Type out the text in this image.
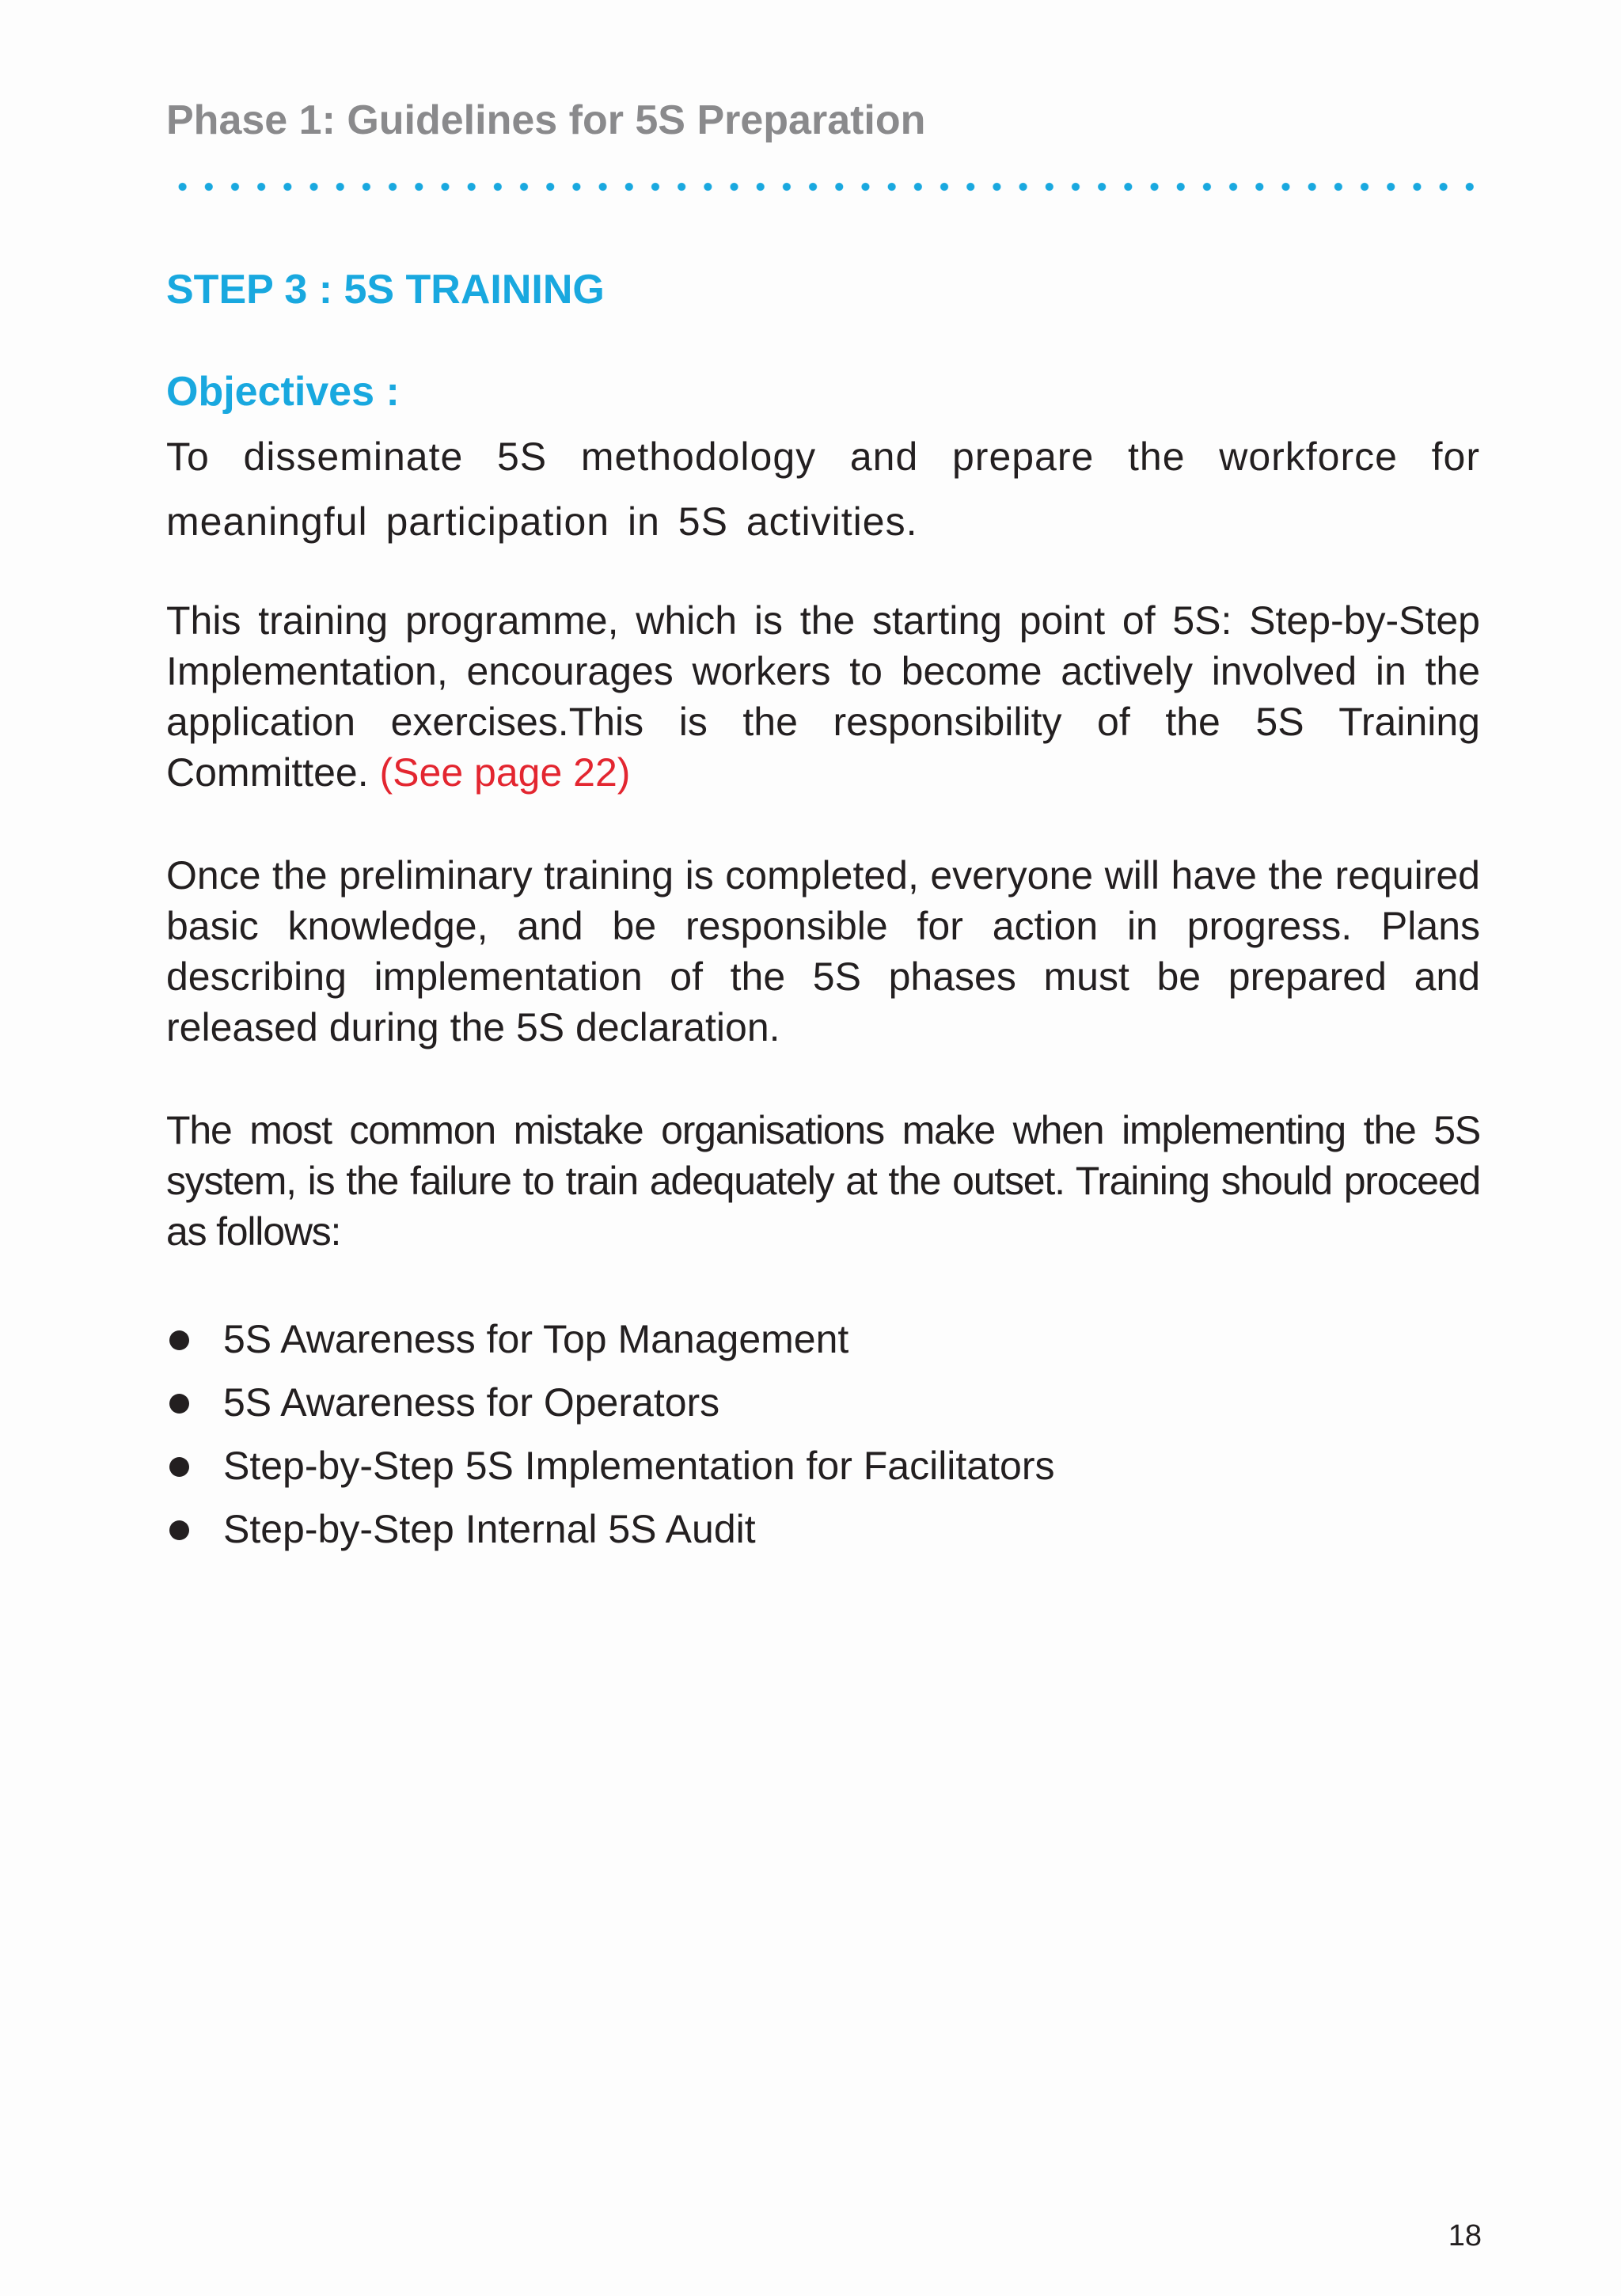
Phase 1: Guidelines for 5S Preparation
STEP 3 : 5S TRAINING
Objectives :

To disseminate 5S methodology and prepare the workforce for meaningful participation in 5S activities.

This training programme, which is the starting point of 5S: Step-by-Step Implementation, encourages workers to become actively involved in the application exercises.This is the responsibility of the 5S Training Committee. (See page 22)

Once the preliminary training is completed, everyone will have the required basic knowledge, and be responsible for action in progress. Plans describing implementation of the 5S phases must be prepared and released during the 5S declaration.

The most common mistake organisations make when implementing the 5S system, is the failure to train adequately at the outset. Training should proceed as follows:

5S Awareness for Top Management
5S Awareness for Operators
Step-by-Step 5S Implementation for Facilitators
Step-by-Step Internal 5S Audit
18
